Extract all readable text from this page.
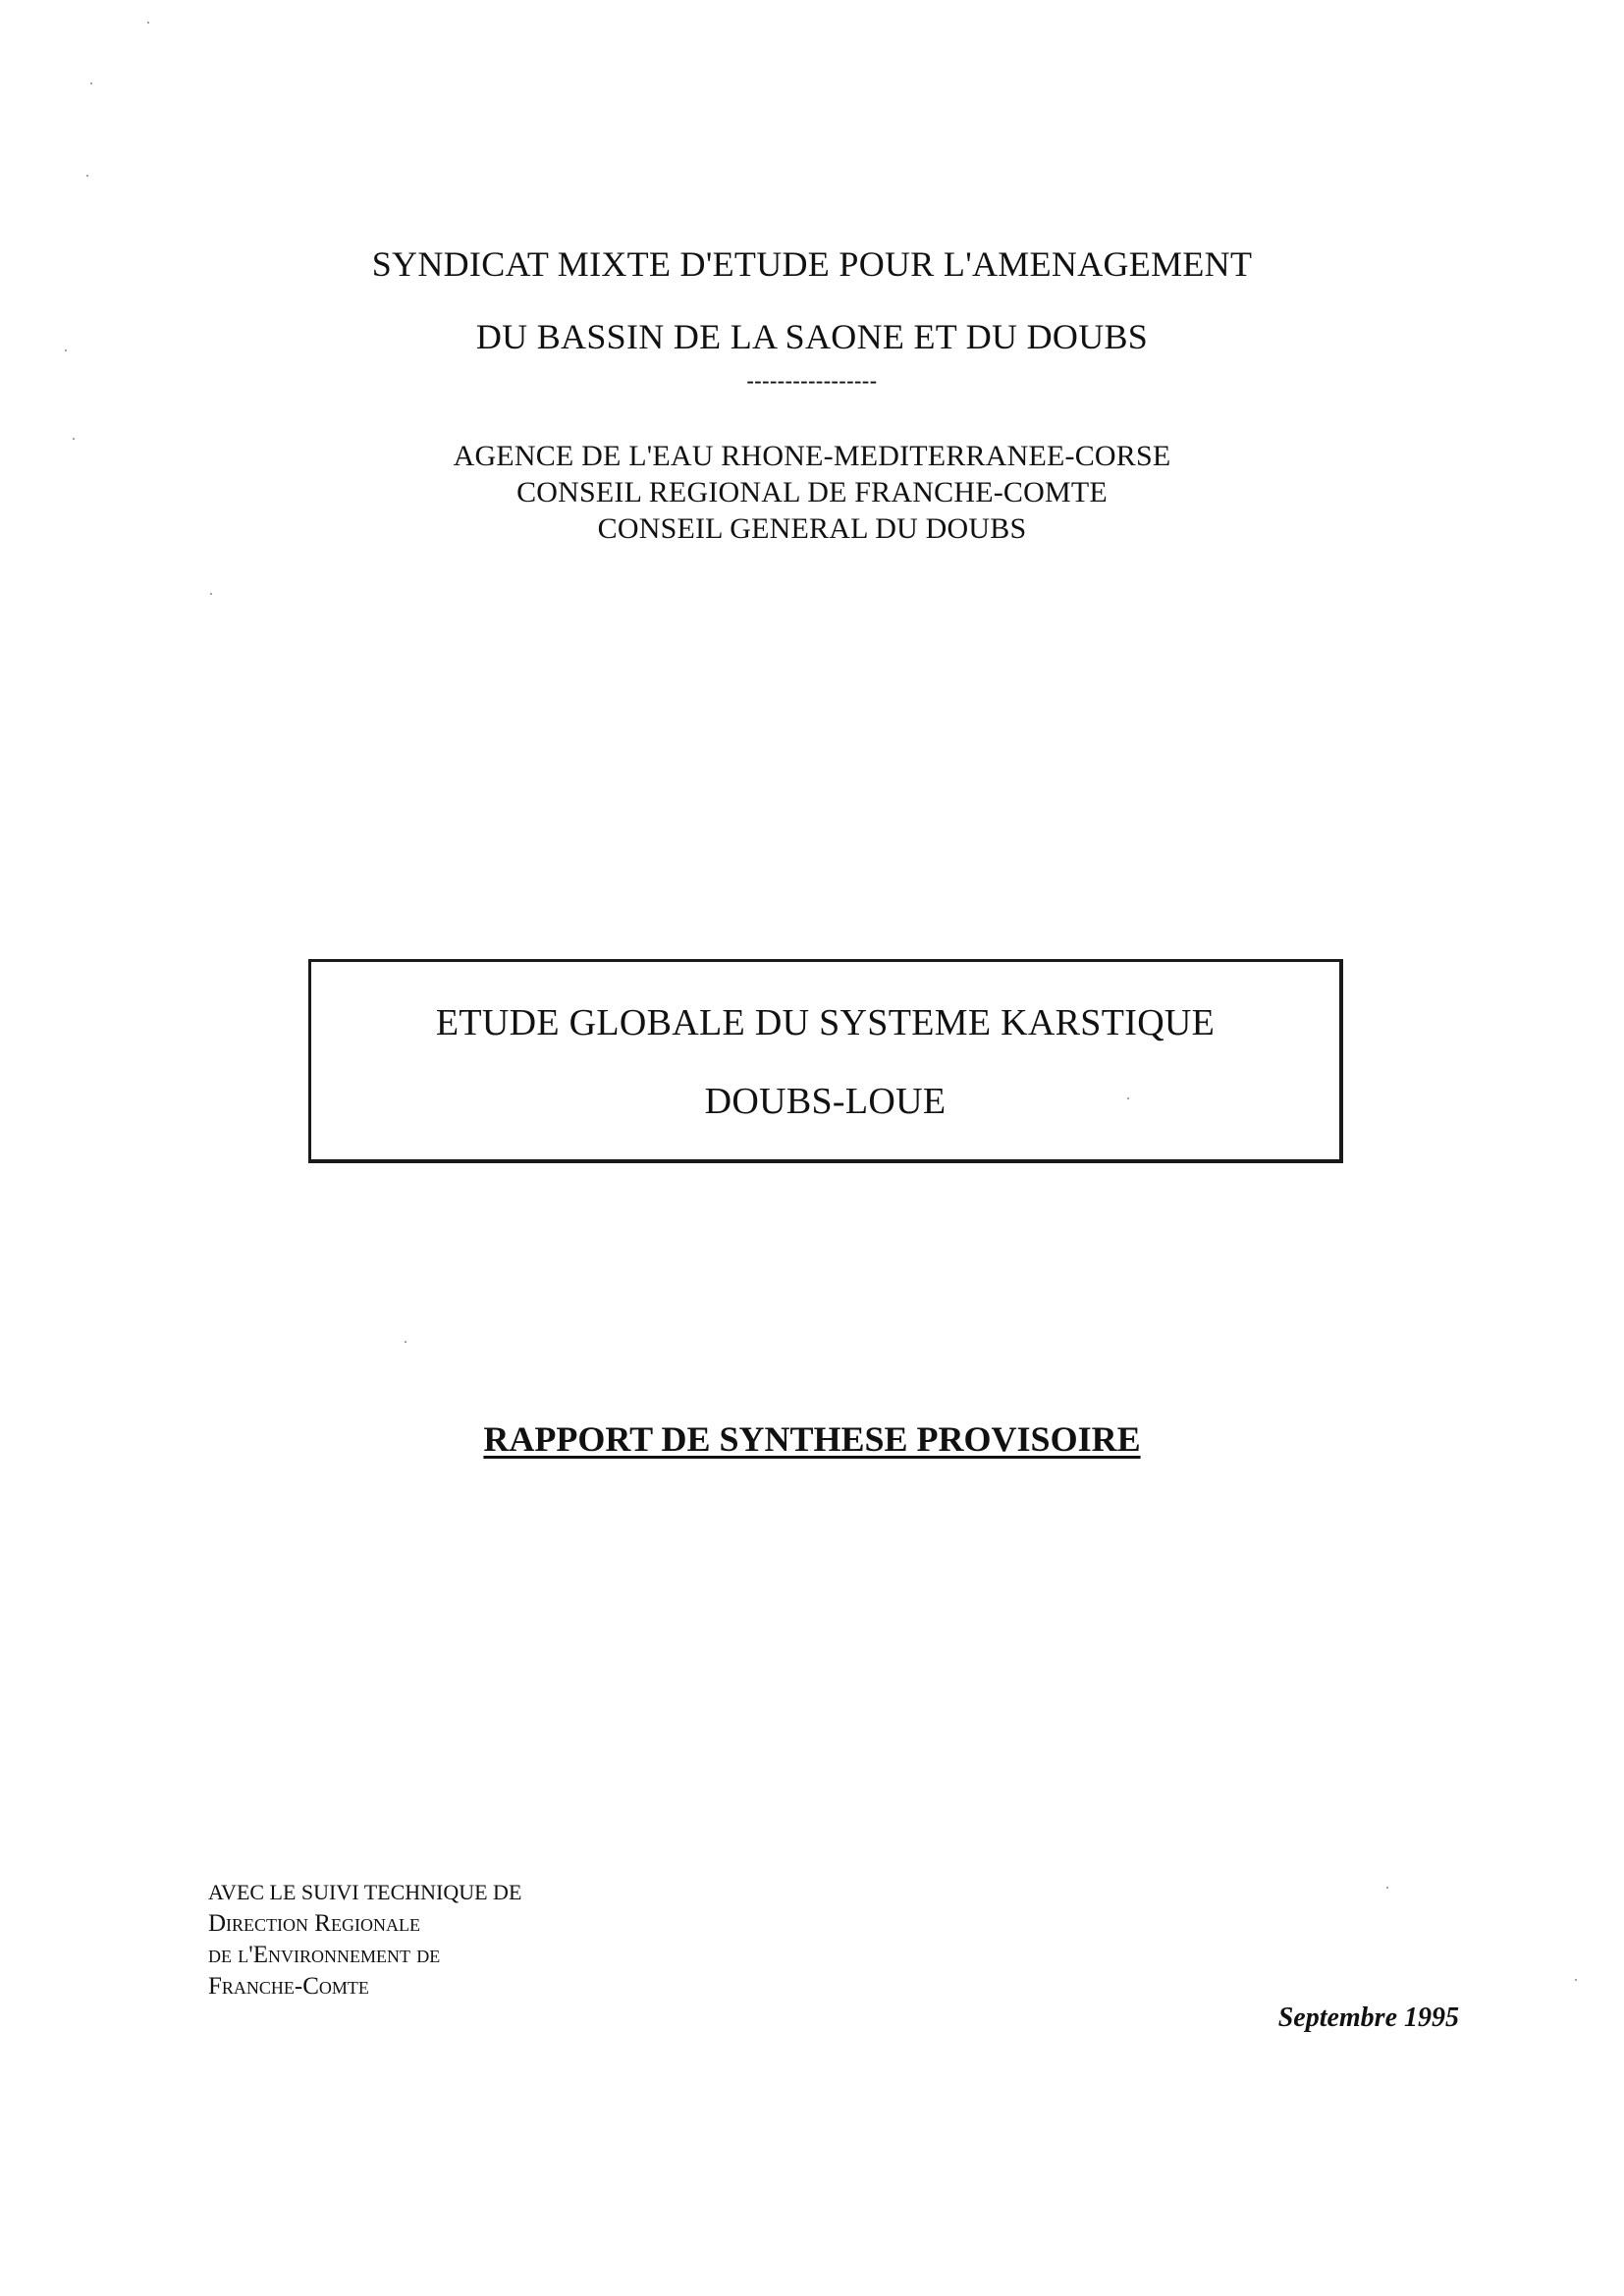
SYNDICAT MIXTE D'ETUDE POUR L'AMENAGEMENT
DU BASSIN DE LA SAONE ET DU DOUBS
-----------------
AGENCE DE L'EAU RHONE-MEDITERRANEE-CORSE
CONSEIL REGIONAL DE FRANCHE-COMTE
CONSEIL GENERAL DU DOUBS
ETUDE GLOBALE DU SYSTEME KARSTIQUE
DOUBS-LOUE
RAPPORT DE SYNTHESE PROVISOIRE
AVEC LE SUIVI TECHNIQUE DE
Direction Regionale
de l'Environnement de
Franche-Comte
Septembre 1995
